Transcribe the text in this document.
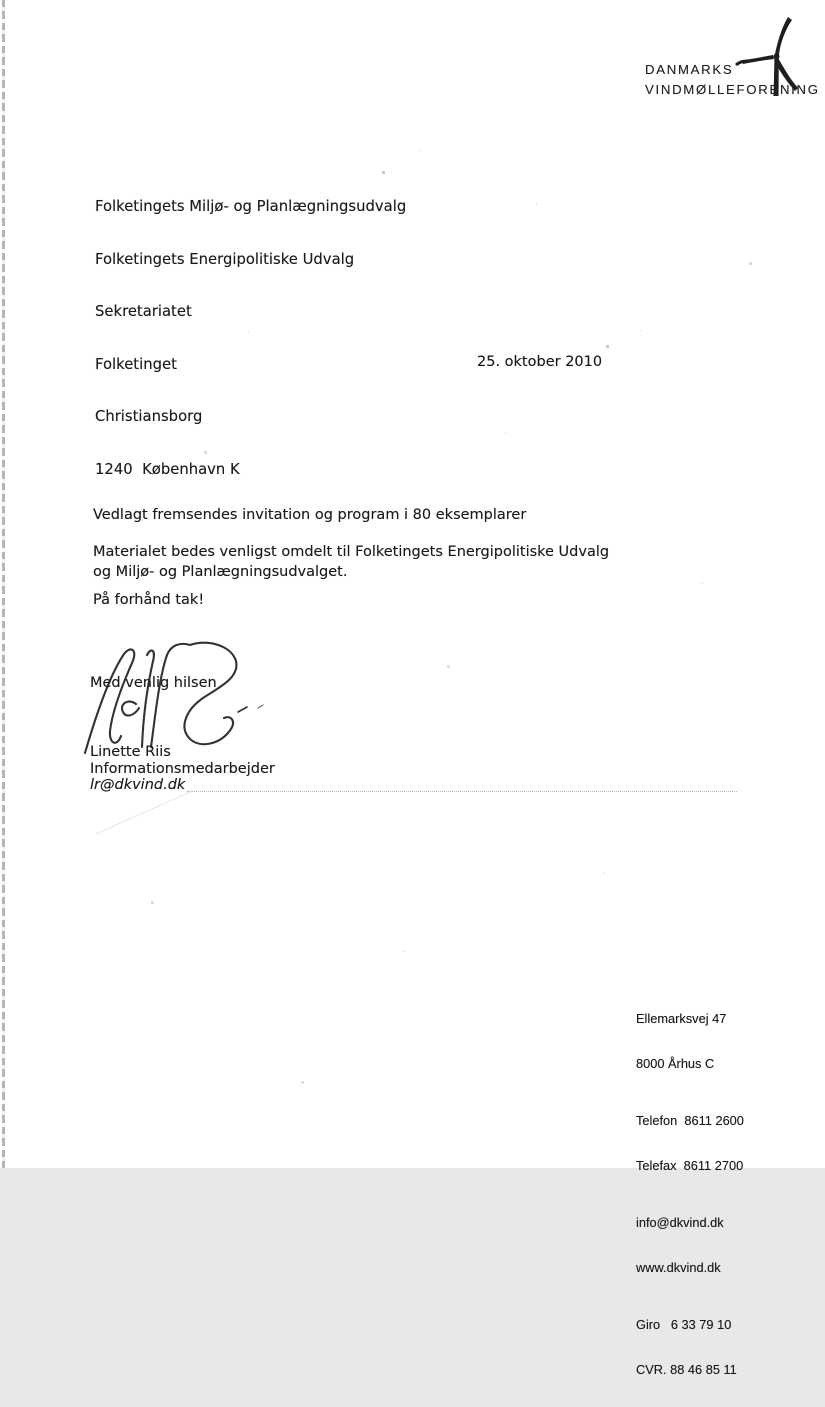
DANMARKS
VINDMØLLEFORENING

Folketingets Miljø- og Planlægningsudvalg

Folketingets Energipolitiske Udvalg

Sekretariatet

Folketinget

Christiansborg

1240  København K

25. oktober 2010
Vedlagt fremsendes invitation og program i 80 eksemplarer
Materialet bedes venligst omdelt til Folketingets Energipolitiske Udvalg
og Miljø- og Planlægningsudvalget.
På forhånd tak!
Med venlig hilsen
Linette Riis
Informationsmedarbejder
lr@dkvind.dk

Ellemarksvej 47

8000 Århus C

Telefon  8611 2600

Telefax  8611 2700

info@dkvind.dk

www.dkvind.dk

Giro   6 33 79 10

CVR. 88 46 85 11
